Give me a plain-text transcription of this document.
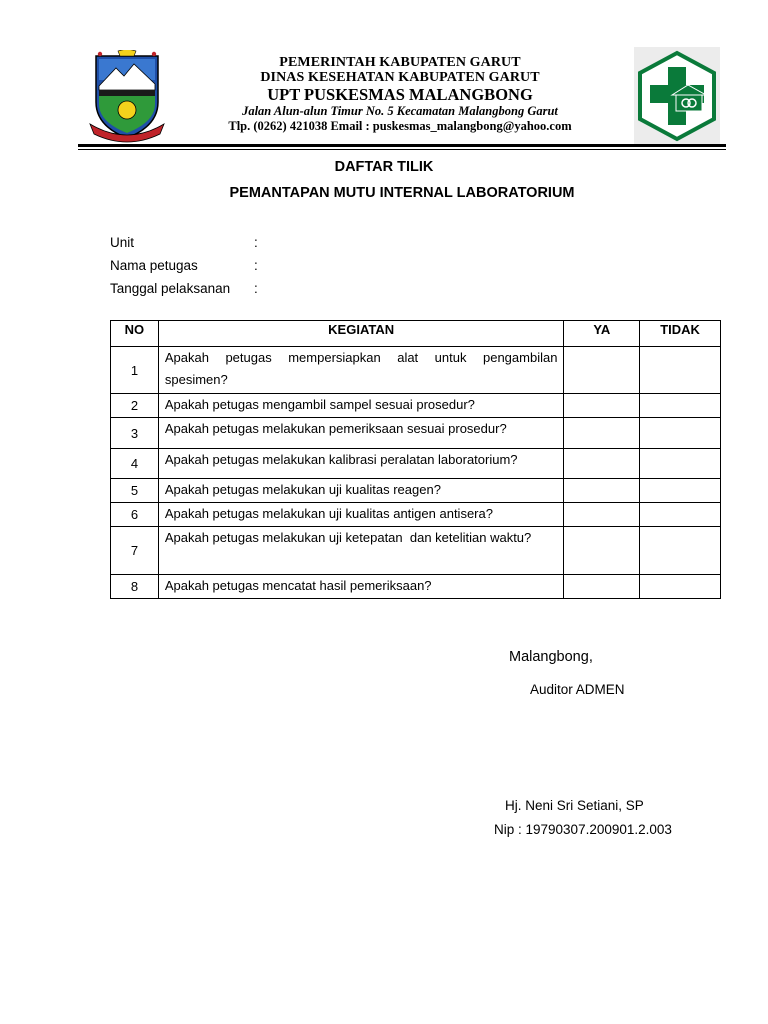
PEMERINTAH KABUPATEN GARUT
DINAS KESEHATAN KABUPATEN GARUT
UPT PUSKESMAS MALANGBONG
Jalan Alun-alun Timur No. 5 Kecamatan Malangbong Garut
Tlp. (0262) 421038 Email : puskesmas_malangbong@yahoo.com
DAFTAR TILIK
PEMANTAPAN MUTU INTERNAL LABORATORIUM
Unit	:
Nama petugas	:
Tanggal pelaksanan :
NO	KEGIATAN	YA	TIDAK
1	Apakah petugas mempersiapkan alat untuk pengambilan spesimen?		
2	Apakah petugas mengambil sampel sesuai prosedur?		
3	Apakah petugas melakukan pemeriksaan sesuai prosedur?		
4	Apakah petugas melakukan kalibrasi peralatan laboratorium?		
5	Apakah petugas melakukan uji kualitas reagen?		
6	Apakah petugas melakukan uji kualitas antigen antisera?		
7	Apakah petugas melakukan uji ketepatan  dan ketelitian waktu?		
8	Apakah petugas mencatat hasil pemeriksaan?		
Malangbong,
Auditor ADMEN
Hj. Neni Sri Setiani, SP
Nip : 19790307.200901.2.003
